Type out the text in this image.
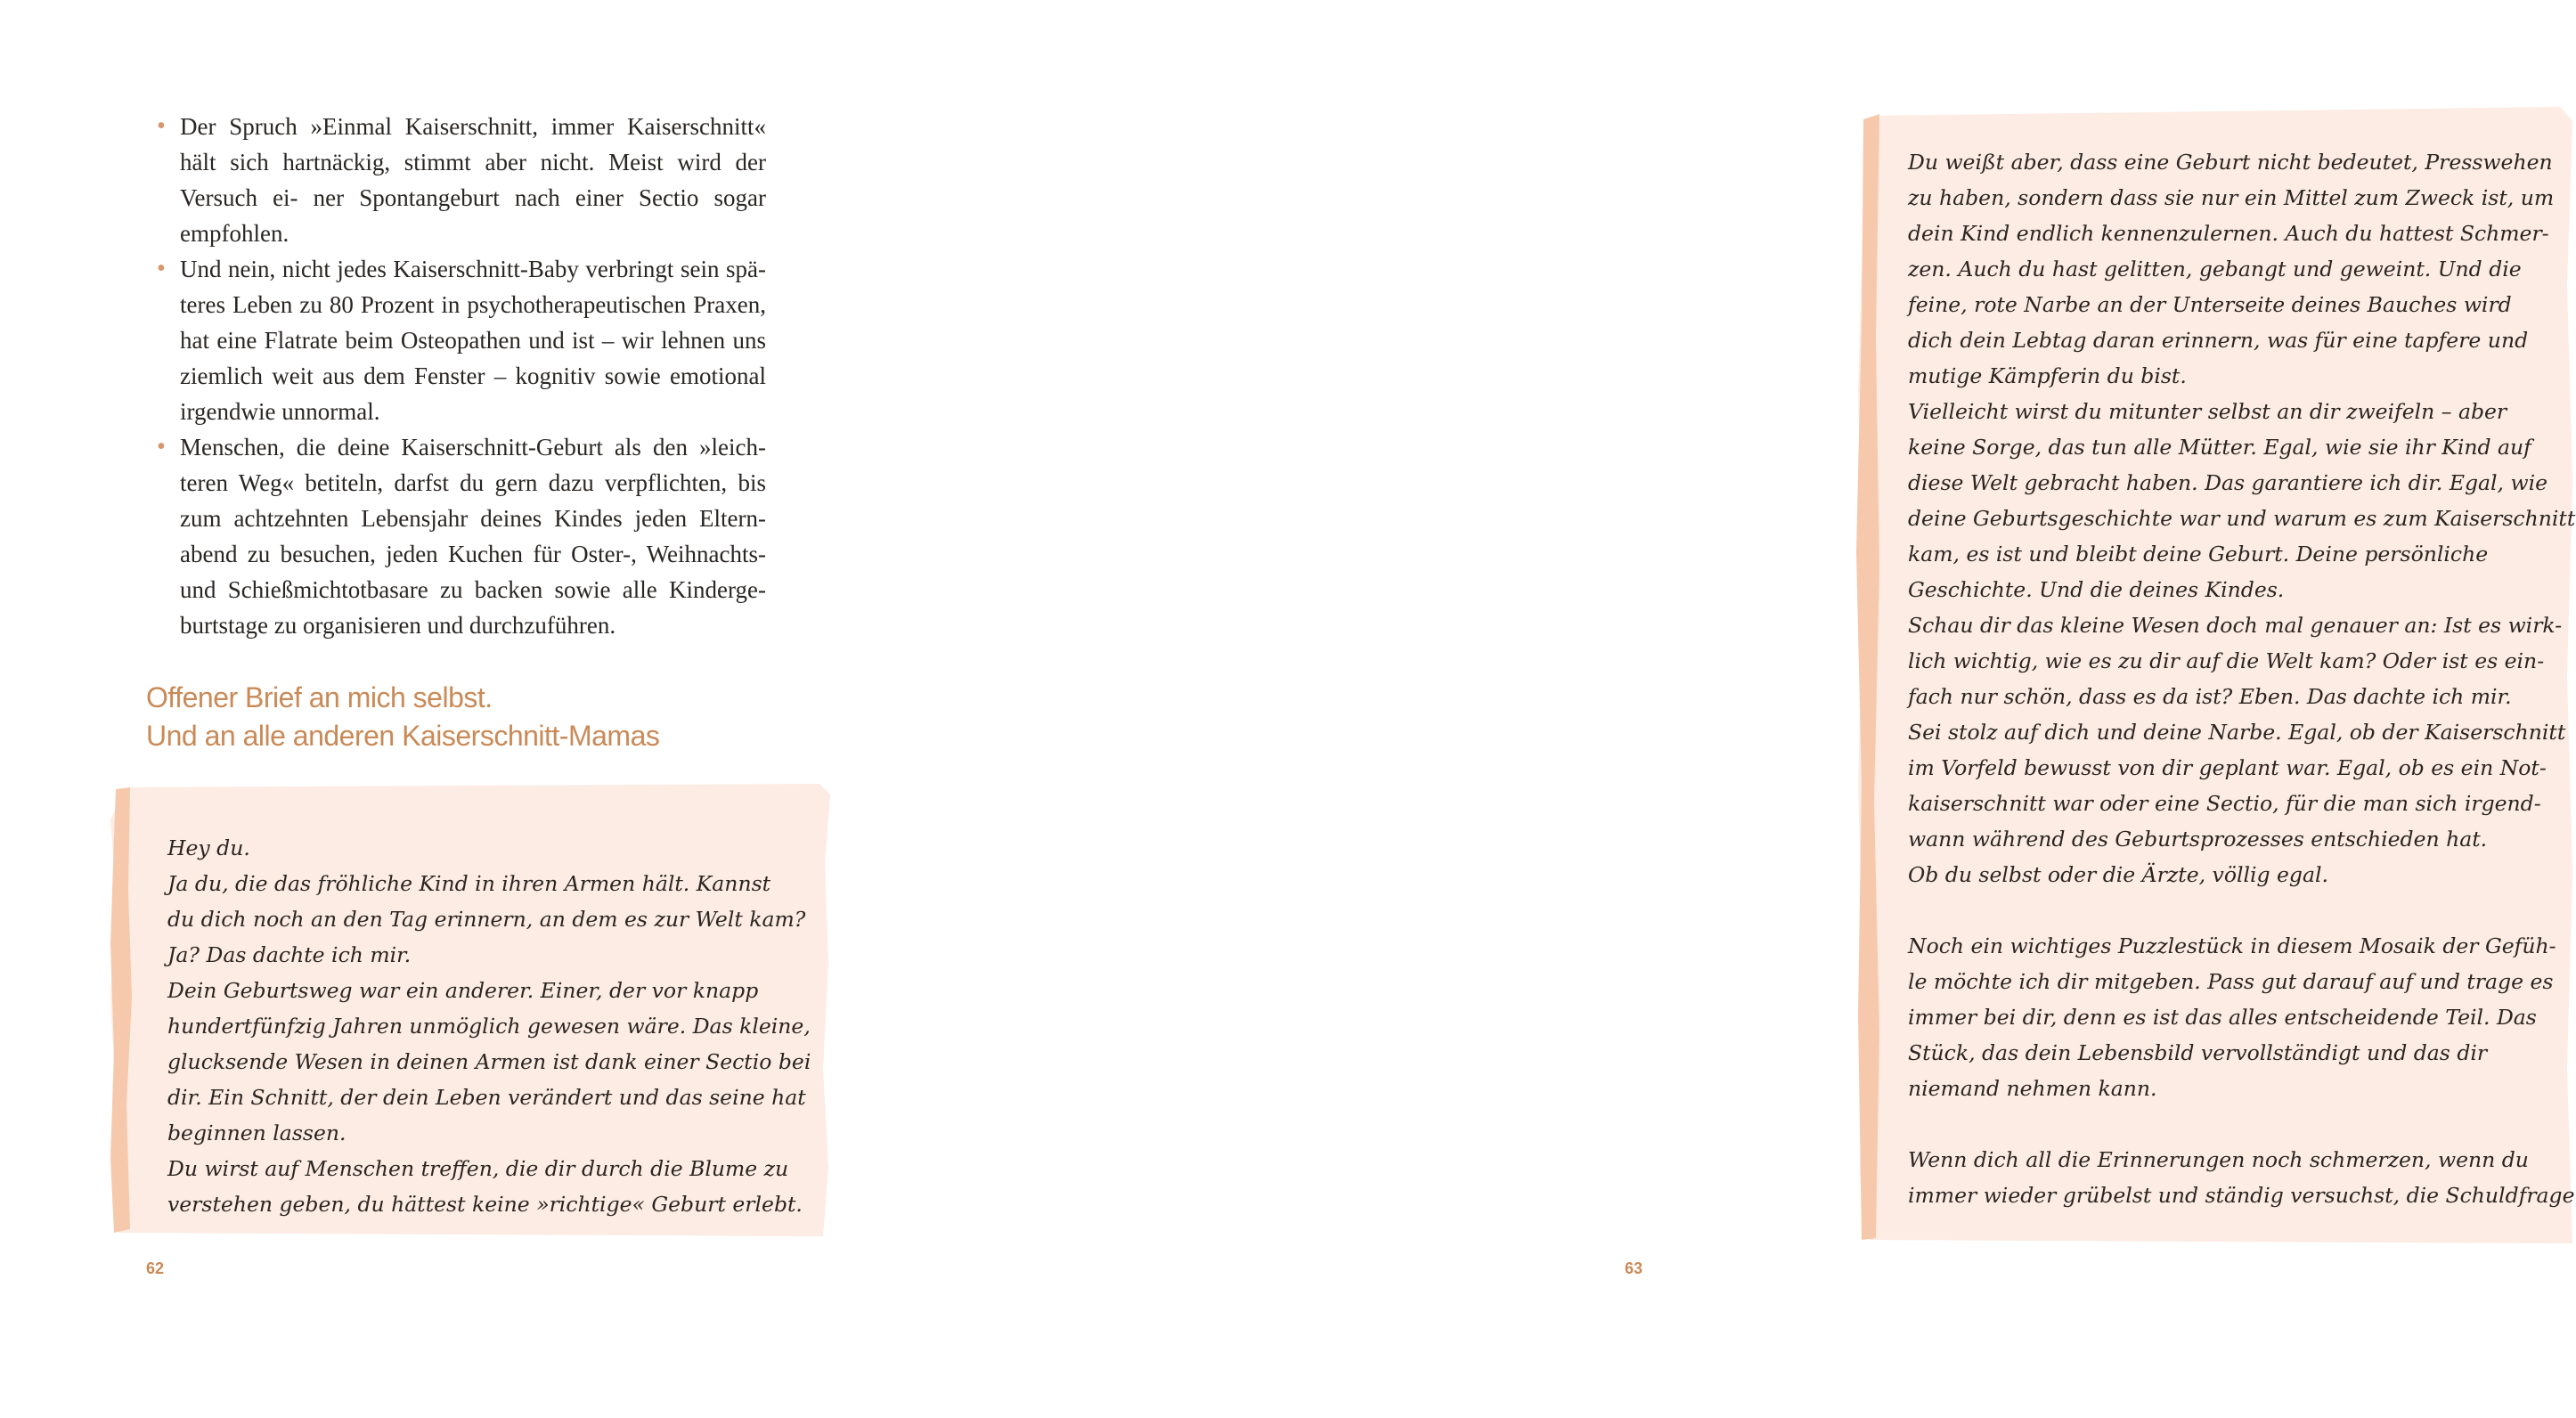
• Der Spruch »Einmal Kaiserschnitt, immer Kaiserschnitt« hält sich hartnäckig, stimmt aber nicht. Meist wird der Versuch ei- ner Spontangeburt nach einer Sectio sogar empfohlen.
• Und nein, nicht jedes Kaiserschnitt-Baby verbringt sein spä- teres Leben zu 80 Prozent in psychotherapeutischen Praxen, hat eine Flatrate beim Osteopathen und ist – wir lehnen uns ziemlich weit aus dem Fenster – kognitiv sowie emotional irgendwie unnormal.
• Menschen, die deine Kaiserschnitt-Geburt als den »leich- teren Weg« betiteln, darfst du gern dazu verpflichten, bis zum achtzehnten Lebensjahr deines Kindes jeden Eltern- abend zu besuchen, jeden Kuchen für Oster-, Weihnachts- und Schießmichtotbasare zu backen sowie alle Kinderge- burtstage zu organisieren und durchzuführen.
Offener Brief an mich selbst.
Und an alle anderen Kaiserschnitt-Mamas

Hey du.

Ja du, die das fröhliche Kind in ihren Armen hält. Kannst

du dich noch an den Tag erinnern, an dem es zur Welt kam?

Ja? Das dachte ich mir.

Dein Geburtsweg war ein anderer. Einer, der vor knapp

hundertfünfzig Jahren unmöglich gewesen wäre. Das kleine,

glucksende Wesen in deinen Armen ist dank einer Sectio bei

dir. Ein Schnitt, der dein Leben verändert und das seine hat

beginnen lassen.

Du wirst auf Menschen treffen, die dir durch die Blume zu

verstehen geben, du hättest keine »richtige« Geburt erlebt.

62

Du weißt aber, dass eine Geburt nicht bedeutet, Presswehen

zu haben, sondern dass sie nur ein Mittel zum Zweck ist, um

dein Kind endlich kennenzulernen. Auch du hattest Schmer-

zen. Auch du hast gelitten, gebangt und geweint. Und die

feine, rote Narbe an der Unterseite deines Bauches wird

dich dein Lebtag daran erinnern, was für eine tapfere und

mutige Kämpferin du bist.

Vielleicht wirst du mitunter selbst an dir zweifeln – aber

keine Sorge, das tun alle Mütter. Egal, wie sie ihr Kind auf

diese Welt gebracht haben. Das garantiere ich dir. Egal, wie

deine Geburtsgeschichte war und warum es zum Kaiserschnitt

kam, es ist und bleibt deine Geburt. Deine persönliche

Geschichte. Und die deines Kindes.

Schau dir das kleine Wesen doch mal genauer an: Ist es wirk-

lich wichtig, wie es zu dir auf die Welt kam? Oder ist es ein-

fach nur schön, dass es da ist? Eben. Das dachte ich mir.

Sei stolz auf dich und deine Narbe. Egal, ob der Kaiserschnitt

im Vorfeld bewusst von dir geplant war. Egal, ob es ein Not-

kaiserschnitt war oder eine Sectio, für die man sich irgend-

wann während des Geburtsprozesses entschieden hat.

Ob du selbst oder die Ärzte, völlig egal.

Noch ein wichtiges Puzzlestück in diesem Mosaik der Gefüh-

le möchte ich dir mitgeben. Pass gut darauf auf und trage es

immer bei dir, denn es ist das alles entscheidende Teil. Das

Stück, das dein Lebensbild vervollständigt und das dir

niemand nehmen kann.

Wenn dich all die Erinnerungen noch schmerzen, wenn du

immer wieder grübelst und ständig versuchst, die Schuldfrage

63
